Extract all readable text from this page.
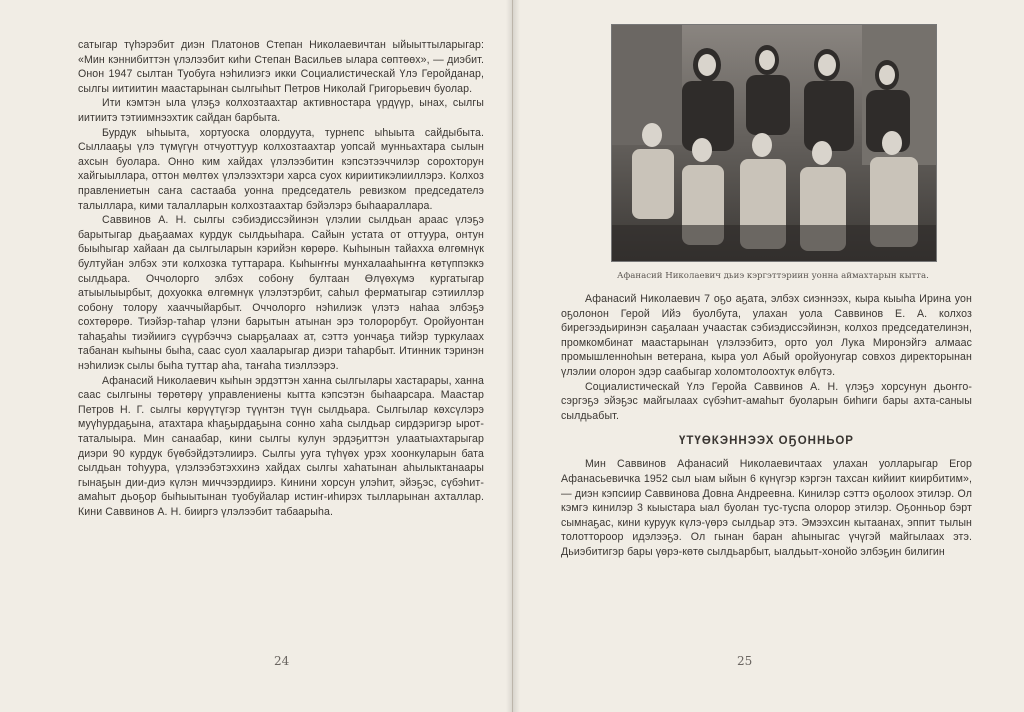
сатыгар түһэрэбит диэн Платонов Степан Николаевичтан ыйыыттыларыгар: «Мин кэннибиттэн үлэлээбит киһи Степан Васильев ылара сөптөөх», — диэбит. Онон 1947 сылтан Туобуга нэһилиэгэ икки Социалистическай Үлэ Геройданар, сылгы иитиитин маастарынан сылгыһыт Петров Николай Григорьевич буолар.

Ити кэмтэн ыла үлэҕэ колхозтаахтар активностара үрдүүр, ынах, сылгы иитиитэ тэтиимнээхтик сайдан барбыта.

Бурдук ыһыыта, хортуоска олордуута, турнепс ыһыыта сайдыбыта. Сыллааҕы үлэ түмүгүн отчуоттуур колхозтаахтар уопсай мунньахтара сылын ахсын буолара. Онно ким хайдах үлэлээбитин кэпсэтээччилэр сорохторун хайгыыллара, оттон мөлтөх үлэлээхтэри харса суох кириитикэлииллэрэ. Колхоз правлениетын саҥа састааба уонна председатель ревизком председателэ талыллара, кими талалларын колхозтаахтар бэйэлэрэ быһаараллара.

Саввинов А. Н. сылгы сэбиэдиссэйинэн үлэлии сылдьан араас үлэҕэ барытыгар дьаҕаамах курдук сылдьыһара. Сайын устата от оттуура, онтун быыһыгар хайаан да сылгыларын кэрийэн көрөрө. Кыһынын тайахха өлгөмнүк бултуйан элбэх эти колхозка туттарара. Кыһыҥҥы мунхалааһыҥҥа көтүппэккэ сылдьара. Оччолорго элбэх собону бултаан Өлүөхүмэ кургатыгар атыылыырбыт, дохуокка өлгөмнүк үлэлэтэрбит, саһыл ферматыгар сэтииллэр собону толору хааччыйарбыт. Оччолорго нэһилиэк үлэтэ наһаа элбэҕэ сохтөрөрө. Тиэйэр-таһар үлэни барытын атынан эрэ толорорбут. Оройуонтан таһаҕаһы тиэйиигэ сүүрбэччэ сыарҕалаах ат, сэттэ уончаҕа тийэр туркулаах табанан кыһыны быһа, сааc суол хааларыгар диэри таһарбыт. Итинник тэринэн нэһилиэк сылы быһа туттар аһа, таҥаһа тиэллээрэ.

Афанасий Николаевич кыһын эрдэттэн ханна сылгылары хастарары, ханна саас сылгыны төрөтөрү управлениены кытта кэпсэтэн быһаарсара. Маастар Петров Н. Г. сылгы көрүүтүгэр түүнтэн түүн сылдьара. Сылгылар көхсүлэрэ муүһурдаҕына, атахтара кһаҕырдаҕына сонно хаһа сылдьар сирдэригэр ырот-таталыыра. Мин санаабар, кини сылгы кулун эрдэҕиттэн улаатыахтарыгар диэри 90 курдук бүөбэйдэтэлиирэ. Сылгы ууга түһүөх урэх хоонкуларын бата сылдьан тоһуура, үлэлээбэтэххинэ хайдах сылгы хаһатынан аһылыктанаары гынаҕын дии-диэ күлэн миччээрдиирэ. Кинини хорсун улэһит, эйэҕэс, сүбэһит-амаһыт дьоҕор быһыытынан туобуйалар истиҥ-иһирэх тылларынан ахталлар. Кини Саввинов А. Н. бииргэ үлэлээбит табаарыһа.

24
Афанасий Николаевич дьиэ кэргэттэриин уонна аймахтарын кытта.

Афанасий Николаевич 7 оҕо аҕата, элбэх сиэннээх, кыра кыыһа Ирина уон оҕолонон Герой Ийэ буолбута, улахан уола Саввинов Е. А. колхоз бирегээдьиринэн саҕалаан учаастак сэбиэдиссэйинэн, колхоз председателинэн, промкомбинат маастарынан үлэлээбитэ, орто уол Лука Миронэйгэ алмааc промышленноһын ветерана, кыра уол Абый оройуонугар совхоз директорынан үлэлии олорон эдэр саабыгар холомтолоохтук өлбүтэ.

Социалистическай Үлэ Геройа Саввинов А. Н. үлэҕэ хорсунун дьоҥго-сэргэҕэ эйэҕэс майгылаах сүбэһит-амаһыт буоларын биһиги бары ахта-саныы сылдьабыт.

ҮТҮӨКЭННЭЭХ ОҔОННЬОР

Мин Саввинов Афанасий Николаевичтаах улахан уолларыгар Егор Афанасьевичка 1952 сыл ыам ыйын 6 күнүгэр кэргэн тахсан кийиит киирбитим», — диэн кэпсиир Саввинова Довна Андреевна. Кинилэр сэттэ оҕолоох этилэр. Ол кэмгэ кинилэр 3 кыыстара ыал буолан тус-туспа олорор этилэр. Оҕонньор бэрт сымнаҕас, кини куруук күлэ-үөрэ сылдьар этэ. Эмээхсин кытаанах, эппит тылын толоттороор идэлээҕэ. Ол гынан баран аһыныгас үчүгэй майгылаах этэ. Дьиэбитигэр бары үөрэ-көтө сылдьарбыт, ыалдьыт-хонойо элбэҕин билигин

25
